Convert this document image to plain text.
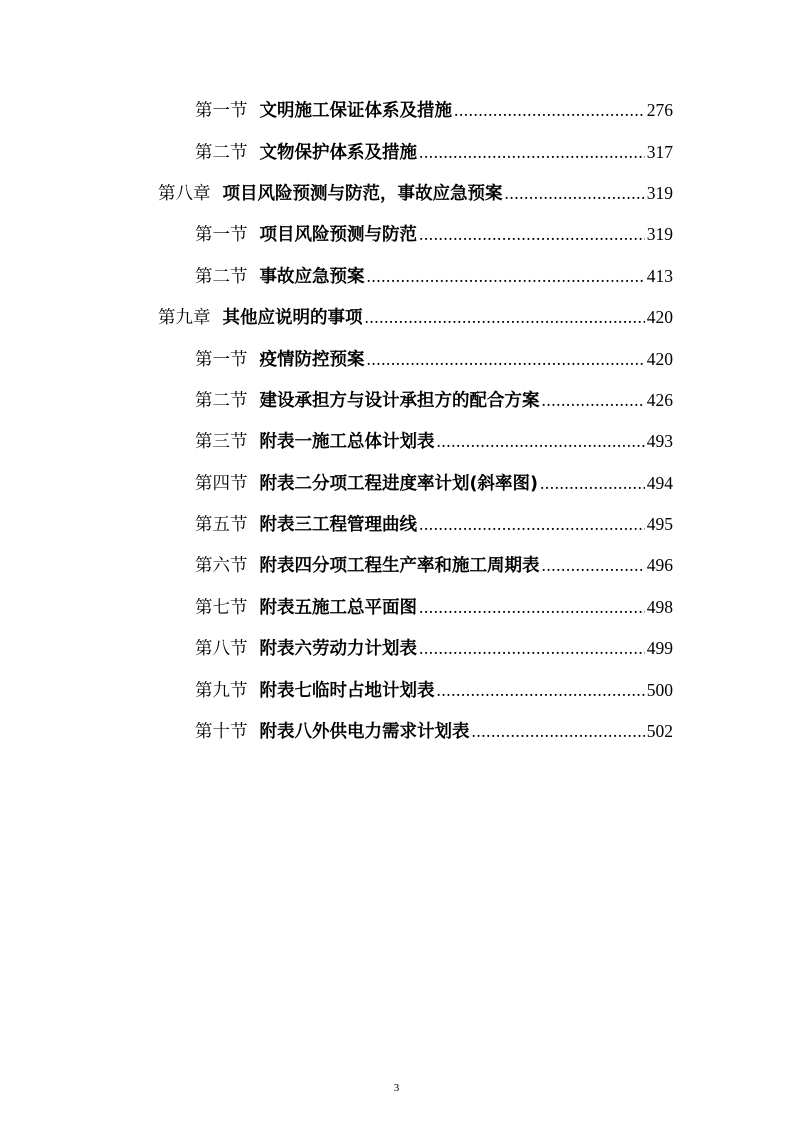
第一节 文明施工保证体系及措施 .....	276
第二节 文物保护体系及措施 .....	317
第八章 项目风险预测与防范，事故应急预案 .....	319
第一节 项目风险预测与防范 .....	319
第二节 事故应急预案 .....	413
第九章 其他应说明的事项 .....	420
第一节 疫情防控预案 .....	420
第二节 建设承担方与设计承担方的配合方案 .....	426
第三节 附表一施工总体计划表 .....	493
第四节 附表二分项工程进度率计划(斜率图) .....	494
第五节 附表三工程管理曲线 .....	495
第六节 附表四分项工程生产率和施工周期表 .....	496
第七节 附表五施工总平面图 .....	498
第八节 附表六劳动力计划表 .....	499
第九节 附表七临时占地计划表 .....	500
第十节 附表八外供电力需求计划表 .....	502
3
